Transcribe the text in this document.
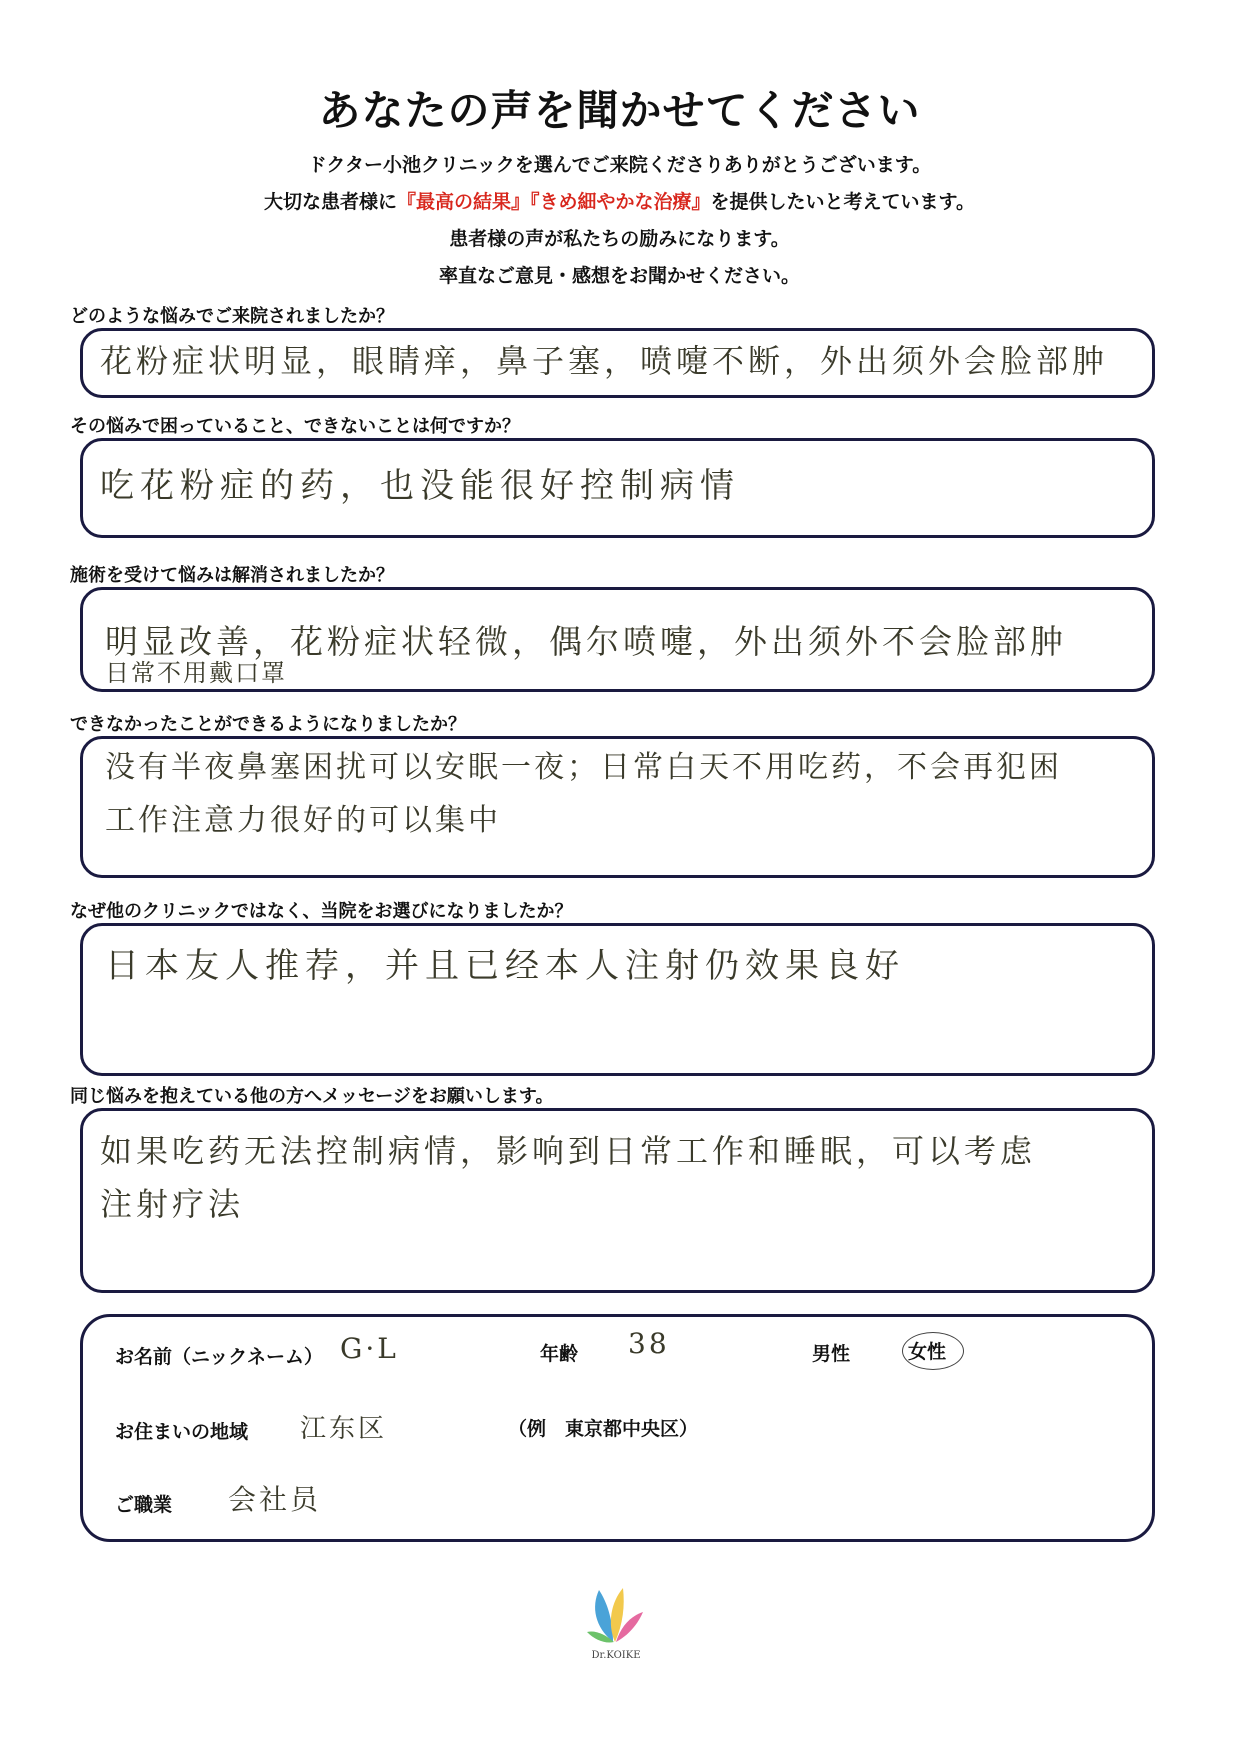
あなたの声を聞かせてください
ドクター小池クリニックを選んでご来院くださりありがとうございます。
大切な患者様に『最高の結果』『きめ細やかな治療』を提供したいと考えています。
患者様の声が私たちの励みになります。
率直なご意見・感想をお聞かせください。
どのような悩みでご来院されましたか？
花粉症状明显，眼睛痒，鼻子塞，喷嚏不断，外出须外会脸部肿
その悩みで困っていること、できないことは何ですか？
吃花粉症的药，也没能很好控制病情
施術を受けて悩みは解消されましたか？
明显改善，花粉症状轻微，偶尔喷嚏，外出须外不会脸部肿
日常不用戴口罩
できなかったことができるようになりましたか？
没有半夜鼻塞困扰可以安眠一夜；日常白天不用吃药，不会再犯困
工作注意力很好的可以集中
なぜ他のクリニックではなく、当院をお選びになりましたか？
日本友人推荐，并且已经本人注射仍效果良好
同じ悩みを抱えている他の方へメッセージをお願いします。
如果吃药无法控制病情，影响到日常工作和睡眠，可以考虑
注射疗法
お名前（ニックネーム） G·L	年齢 38	男性	女性
お住まいの地域 江东区	（例　東京都中央区）
ご職業 会社员
Dr.KOIKE
